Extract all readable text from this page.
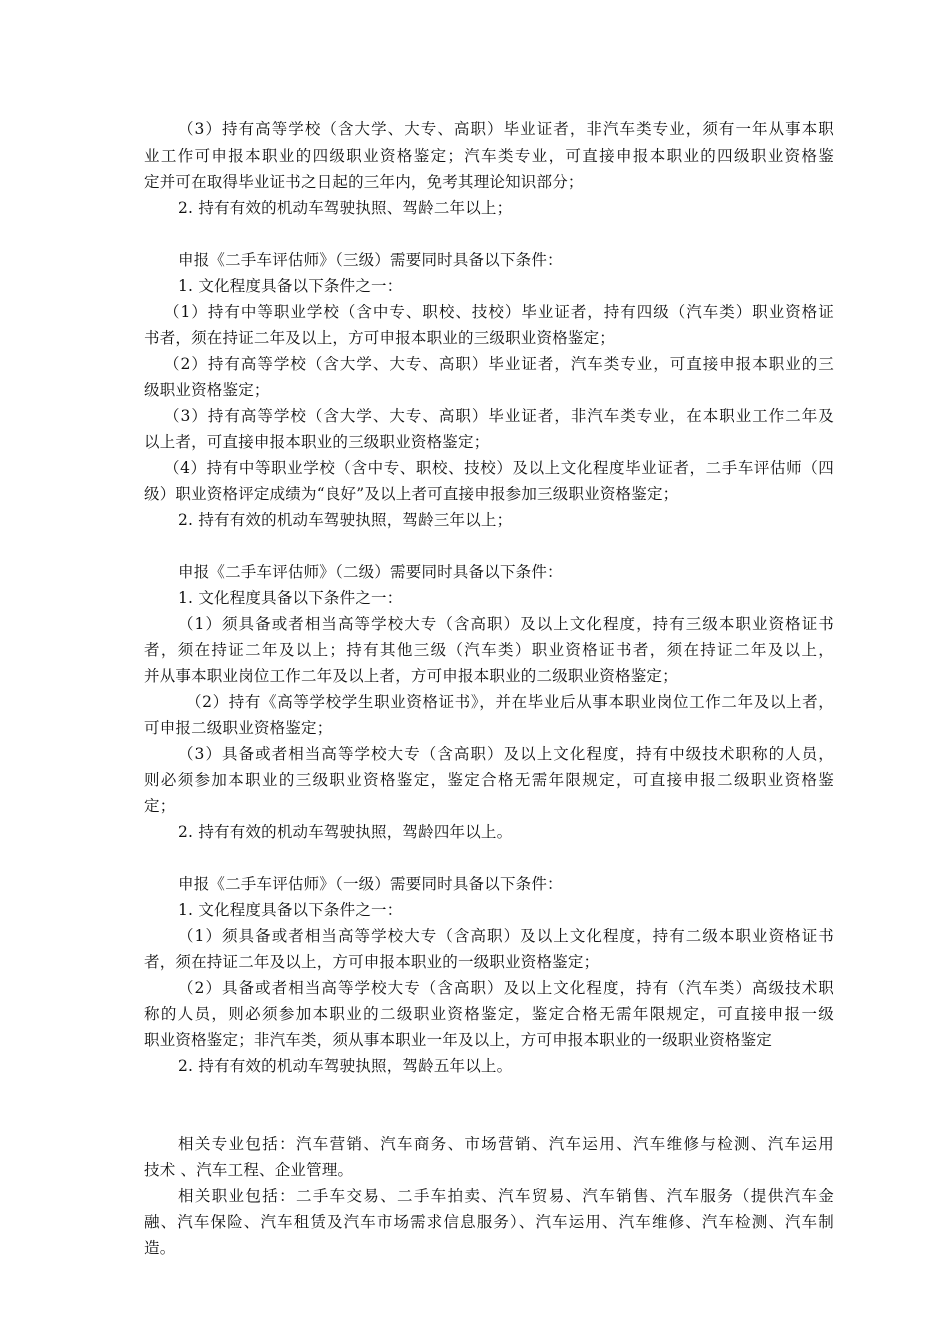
（3）持有高等学校（含大学、大专、高职）毕业证者，非汽车类专业，须有一年从事本职
业工作可申报本职业的四级职业资格鉴定；汽车类专业，可直接申报本职业的四级职业资格鉴
定并可在取得毕业证书之日起的三年内，免考其理论知识部分；
2. 持有有效的机动车驾驶执照、驾龄二年以上；
申报《二手车评估师》（三级）需要同时具备以下条件：
1. 文化程度具备以下条件之一：
（1）持有中等职业学校（含中专、职校、技校）毕业证者，持有四级（汽车类）职业资格证
书者，须在持证二年及以上，方可申报本职业的三级职业资格鉴定；
（2）持有高等学校（含大学、大专、高职）毕业证者，汽车类专业，可直接申报本职业的三
级职业资格鉴定；
（3）持有高等学校（含大学、大专、高职）毕业证者，非汽车类专业，在本职业工作二年及
以上者，可直接申报本职业的三级职业资格鉴定；
（4）持有中等职业学校（含中专、职校、技校）及以上文化程度毕业证者，二手车评估师（四
级）职业资格评定成绩为“良好”及以上者可直接申报参加三级职业资格鉴定；
2. 持有有效的机动车驾驶执照，驾龄三年以上；
申报《二手车评估师》（二级）需要同时具备以下条件：
1. 文化程度具备以下条件之一：
（1）须具备或者相当高等学校大专（含高职）及以上文化程度，持有三级本职业资格证书
者，须在持证二年及以上；持有其他三级（汽车类）职业资格证书者，须在持证二年及以上，
并从事本职业岗位工作二年及以上者，方可申报本职业的二级职业资格鉴定；
（2）持有《高等学校学生职业资格证书》，并在毕业后从事本职业岗位工作二年及以上者，
可申报二级职业资格鉴定；
（3）具备或者相当高等学校大专（含高职）及以上文化程度，持有中级技术职称的人员，
则必须参加本职业的三级职业资格鉴定，鉴定合格无需年限规定，可直接申报二级职业资格鉴
定；
2. 持有有效的机动车驾驶执照，驾龄四年以上。
申报《二手车评估师》（一级）需要同时具备以下条件：
1. 文化程度具备以下条件之一：
（1）须具备或者相当高等学校大专（含高职）及以上文化程度，持有二级本职业资格证书
者，须在持证二年及以上，方可申报本职业的一级职业资格鉴定；
（2）具备或者相当高等学校大专（含高职）及以上文化程度，持有（汽车类）高级技术职
称的人员，则必须参加本职业的二级职业资格鉴定，鉴定合格无需年限规定，可直接申报一级
职业资格鉴定；非汽车类，须从事本职业一年及以上，方可申报本职业的一级职业资格鉴定
2. 持有有效的机动车驾驶执照，驾龄五年以上。
相关专业包括：汽车营销、汽车商务、市场营销、汽车运用、汽车维修与检测、汽车运用
技术 、汽车工程、企业管理。
相关职业包括：二手车交易、二手车拍卖、汽车贸易、汽车销售、汽车服务（提供汽车金
融、汽车保险、汽车租赁及汽车市场需求信息服务）、汽车运用、汽车维修、汽车检测、汽车制
造。
